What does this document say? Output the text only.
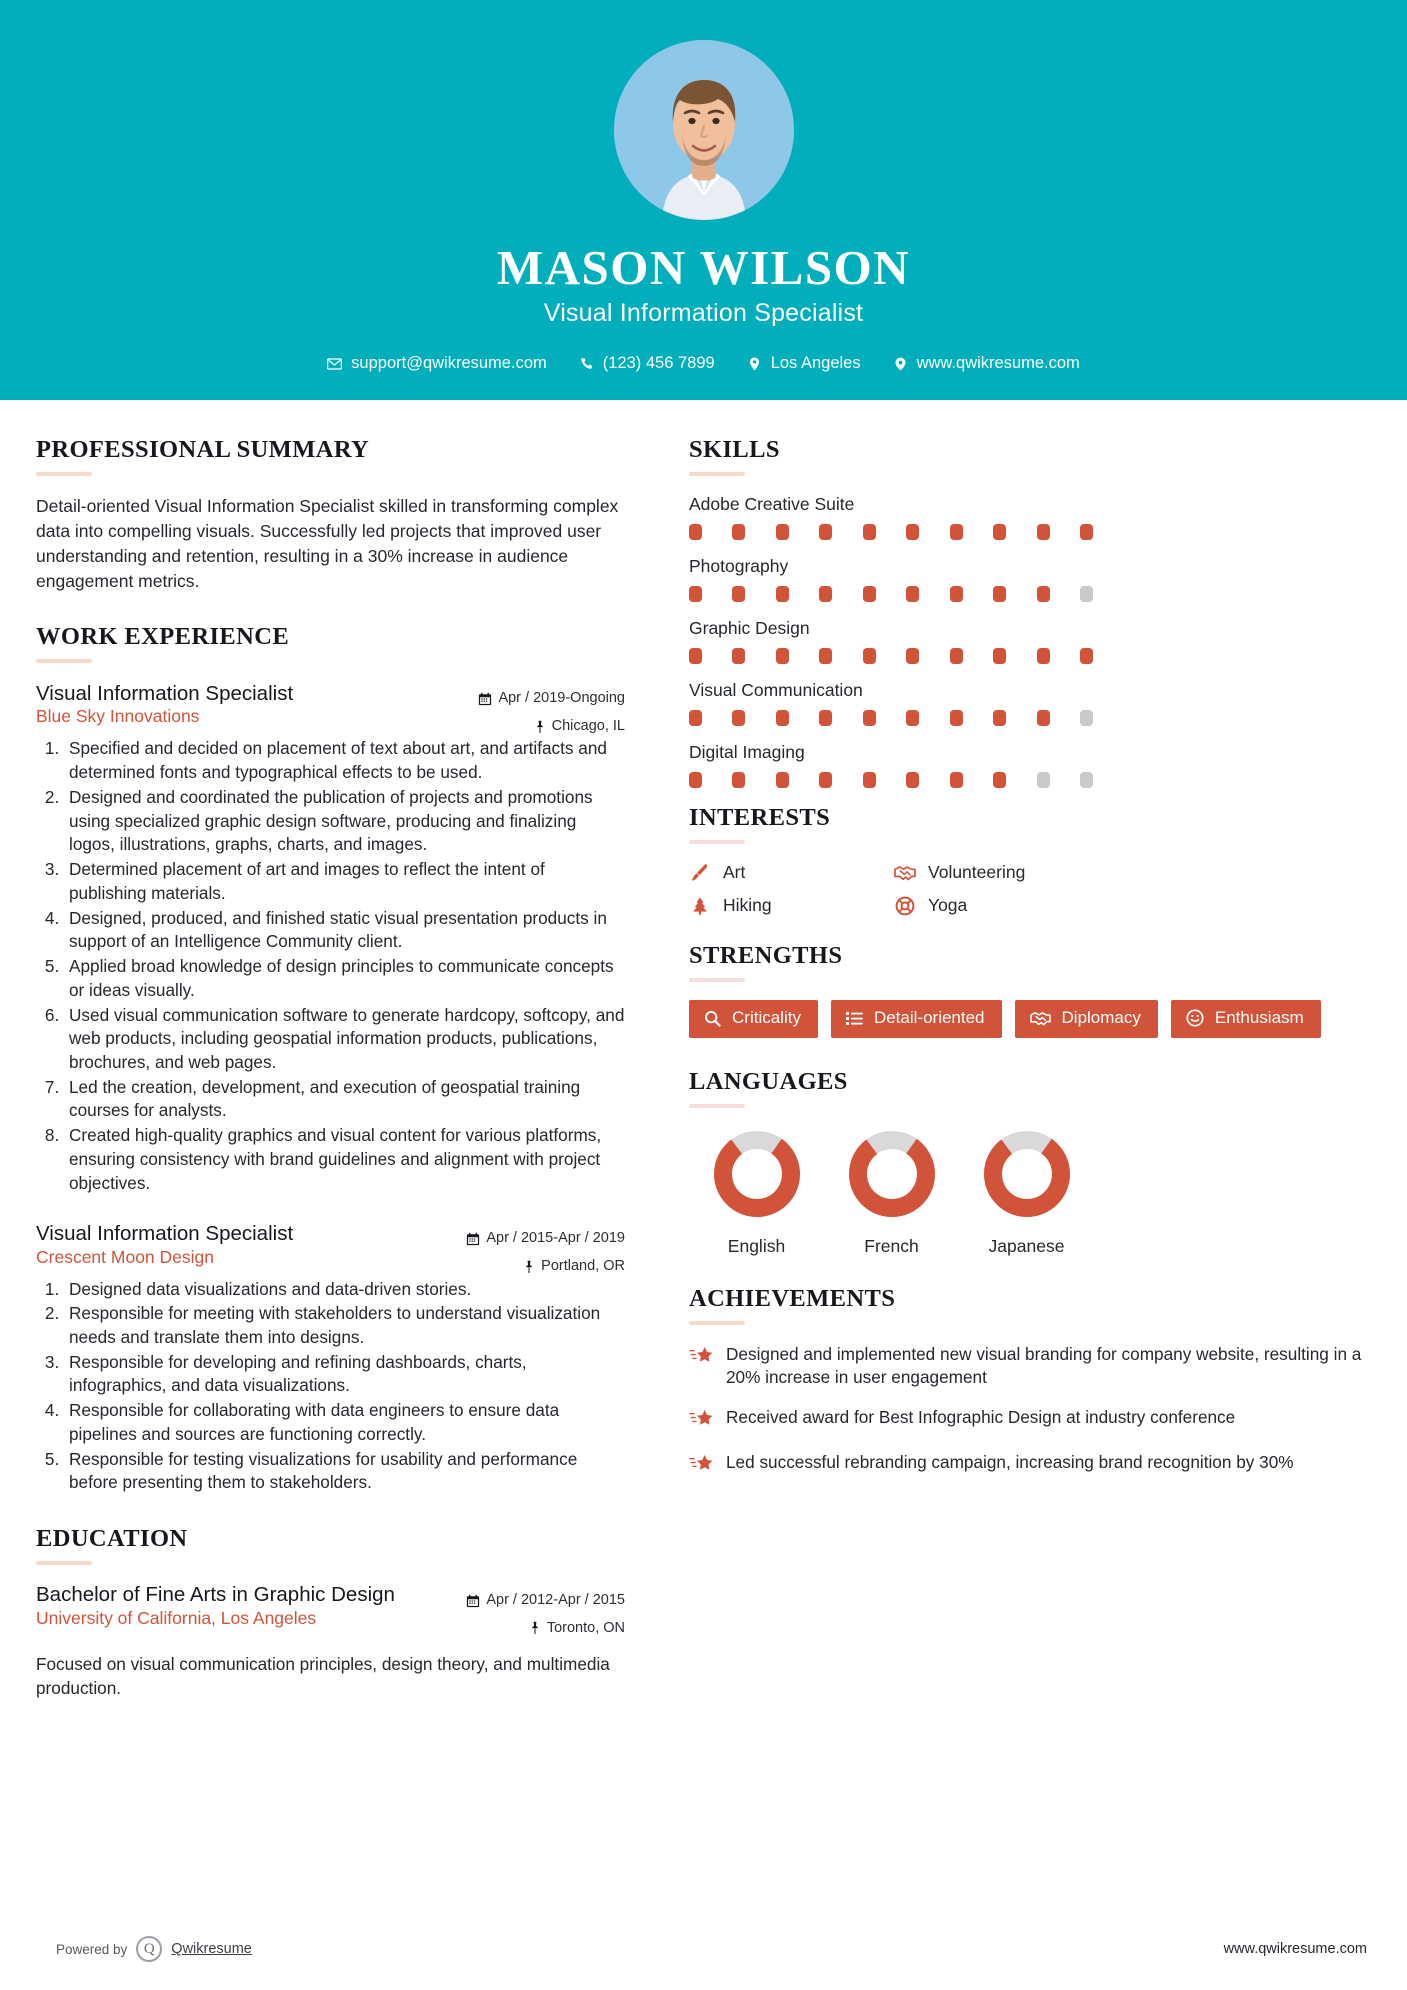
MASON WILSON
Visual Information Specialist
support@qwikresume.com	(123) 456 7899	Los Angeles	www.qwikresume.com
PROFESSIONAL SUMMARY
Detail-oriented Visual Information Specialist skilled in transforming complex data into compelling visuals. Successfully led projects that improved user understanding and retention, resulting in a 30% increase in audience engagement metrics.
WORK EXPERIENCE
Visual Information Specialist	Apr / 2019-Ongoing
Chicago, IL
Blue Sky Innovations
1. Specified and decided on placement of text about art, and artifacts and determined fonts and typographical effects to be used.
2. Designed and coordinated the publication of projects and promotions using specialized graphic design software, producing and finalizing logos, illustrations, graphs, charts, and images.
3. Determined placement of art and images to reflect the intent of publishing materials.
4. Designed, produced, and finished static visual presentation products in support of an Intelligence Community client.
5. Applied broad knowledge of design principles to communicate concepts or ideas visually.
6. Used visual communication software to generate hardcopy, softcopy, and web products, including geospatial information products, publications, brochures, and web pages.
7. Led the creation, development, and execution of geospatial training courses for analysts.
8. Created high-quality graphics and visual content for various platforms, ensuring consistency with brand guidelines and alignment with project objectives.
Visual Information Specialist	Apr / 2015-Apr / 2019
Portland, OR
Crescent Moon Design
1. Designed data visualizations and data-driven stories.
2. Responsible for meeting with stakeholders to understand visualization needs and translate them into designs.
3. Responsible for developing and refining dashboards, charts, infographics, and data visualizations.
4. Responsible for collaborating with data engineers to ensure data pipelines and sources are functioning correctly.
5. Responsible for testing visualizations for usability and performance before presenting them to stakeholders.
EDUCATION
Bachelor of Fine Arts in Graphic Design	Apr / 2012-Apr / 2015
Toronto, ON
University of California, Los Angeles
Focused on visual communication principles, design theory, and multimedia production.
SKILLS
Adobe Creative Suite
Photography
Graphic Design
Visual Communication
Digital Imaging
INTERESTS
Art	Volunteering
Hiking	Yoga
STRENGTHS
Criticality	Detail-oriented	Diplomacy	Enthusiasm
LANGUAGES
English	French	Japanese
ACHIEVEMENTS
Designed and implemented new visual branding for company website, resulting in a 20% increase in user engagement
Received award for Best Infographic Design at industry conference
Led successful rebranding campaign, increasing brand recognition by 30%
Powered by	Q	Qwikresume	www.qwikresume.com
